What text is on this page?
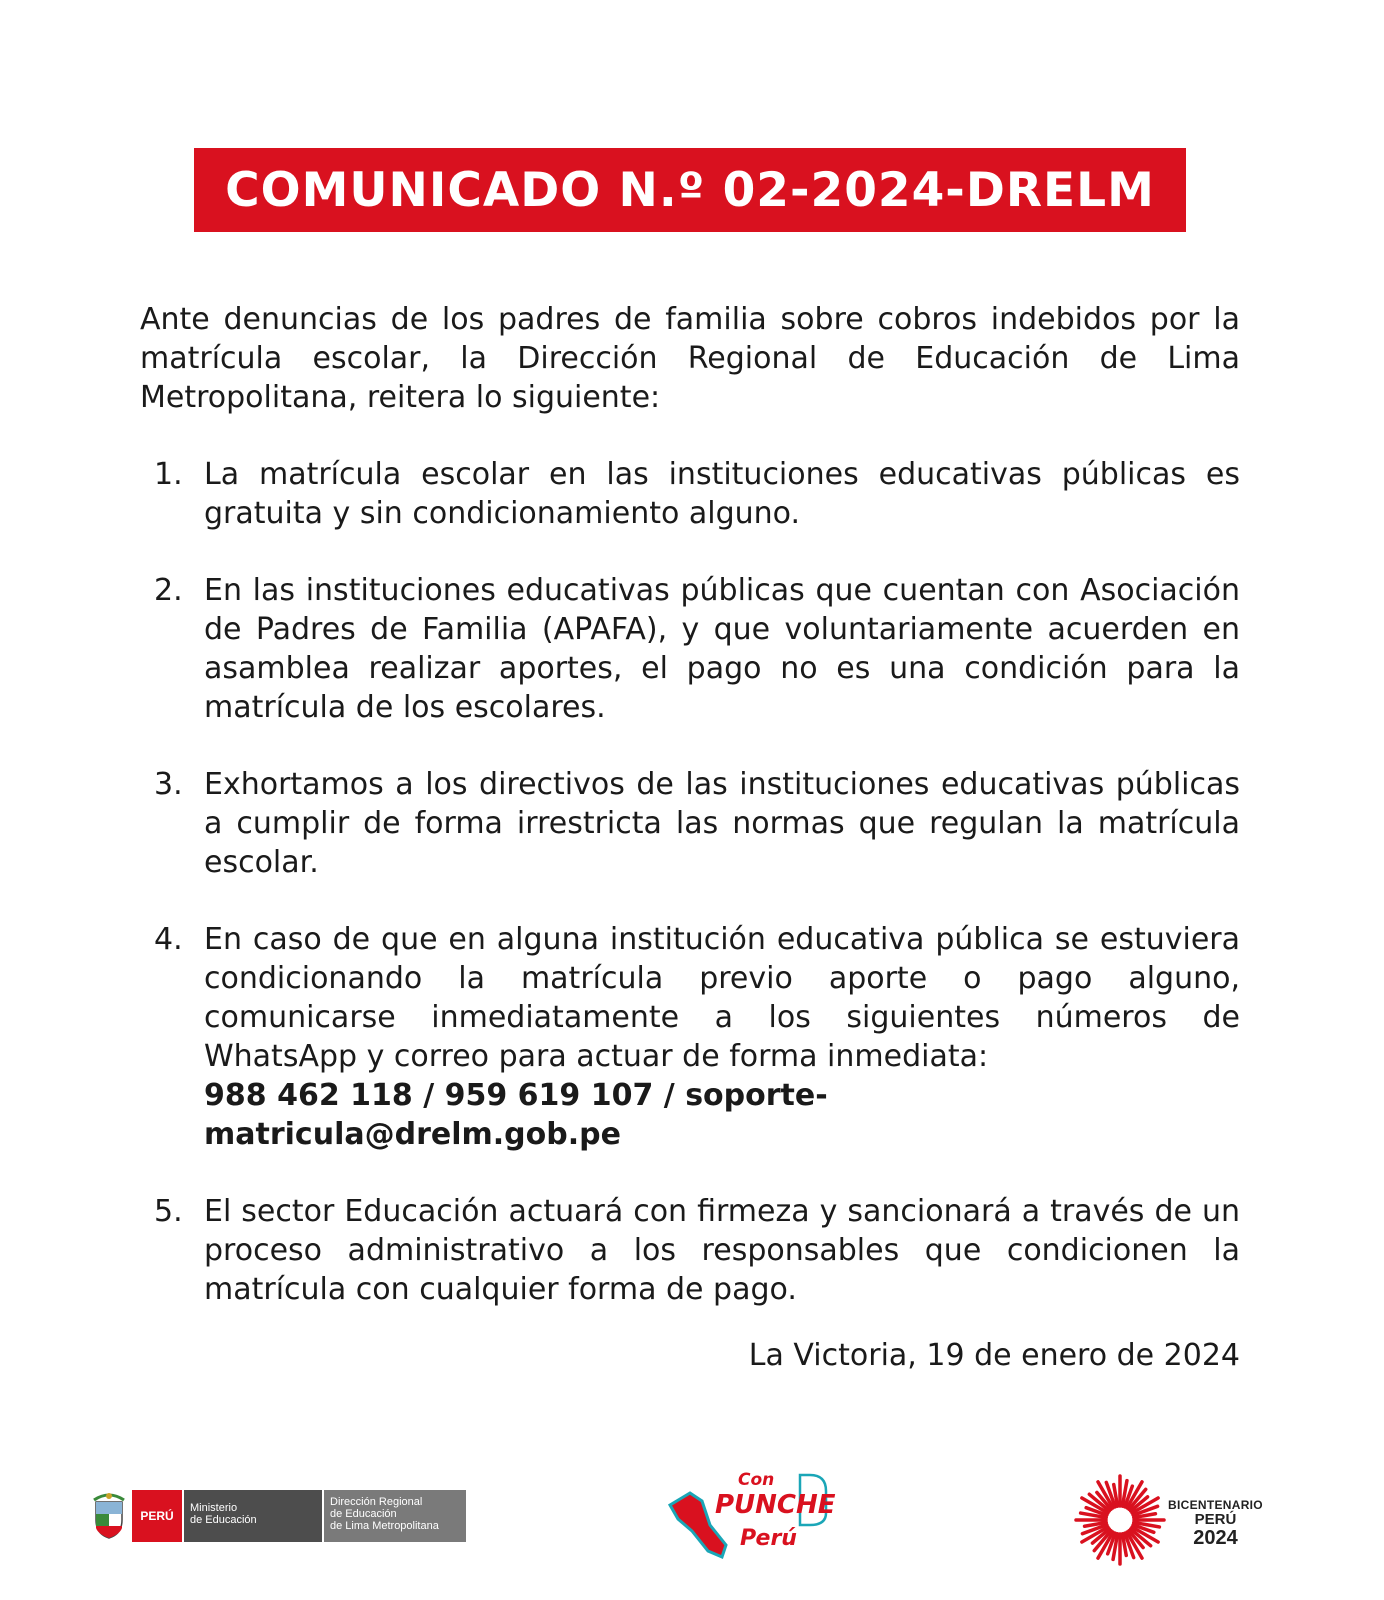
COMUNICADO N.º 02-2024-DRELM

Ante denuncias de los padres de familia sobre cobros indebidos por la matrícula escolar, la Dirección Regional de Educación de Lima Metropolitana, reitera lo siguiente:

1. La matrícula escolar en las instituciones educativas públicas es gratuita y sin condicionamiento alguno.
2. En las instituciones educativas públicas que cuentan con Asociación de Padres de Familia (APAFA), y que voluntariamente acuerden en asamblea realizar aportes, el pago no es una condición para la matrícula de los escolares.
3. Exhortamos a los directivos de las instituciones educativas públicas a cumplir de forma irrestricta las normas que regulan la matrícula escolar.
4. En caso de que en alguna institución educativa pública se estuviera condicionando la matrícula previo aporte o pago alguno, comunicarse inmediatamente a los siguientes números de WhatsApp y correo para actuar de forma inmediata:
988 462 118 / 959 619 107 / soporte-matricula@drelm.gob.pe
5. El sector Educación actuará con firmeza y sancionará a través de un proceso administrativo a los responsables que condicionen la matrícula con cualquier forma de pago.
La Victoria, 19 de enero de 2024
PERÚ
Ministerio
de Educación
Dirección Regional
de Educación
de Lima Metropolitana
Con
PUNCHE
Perú
BICENTENARIO
PERÚ
2024
